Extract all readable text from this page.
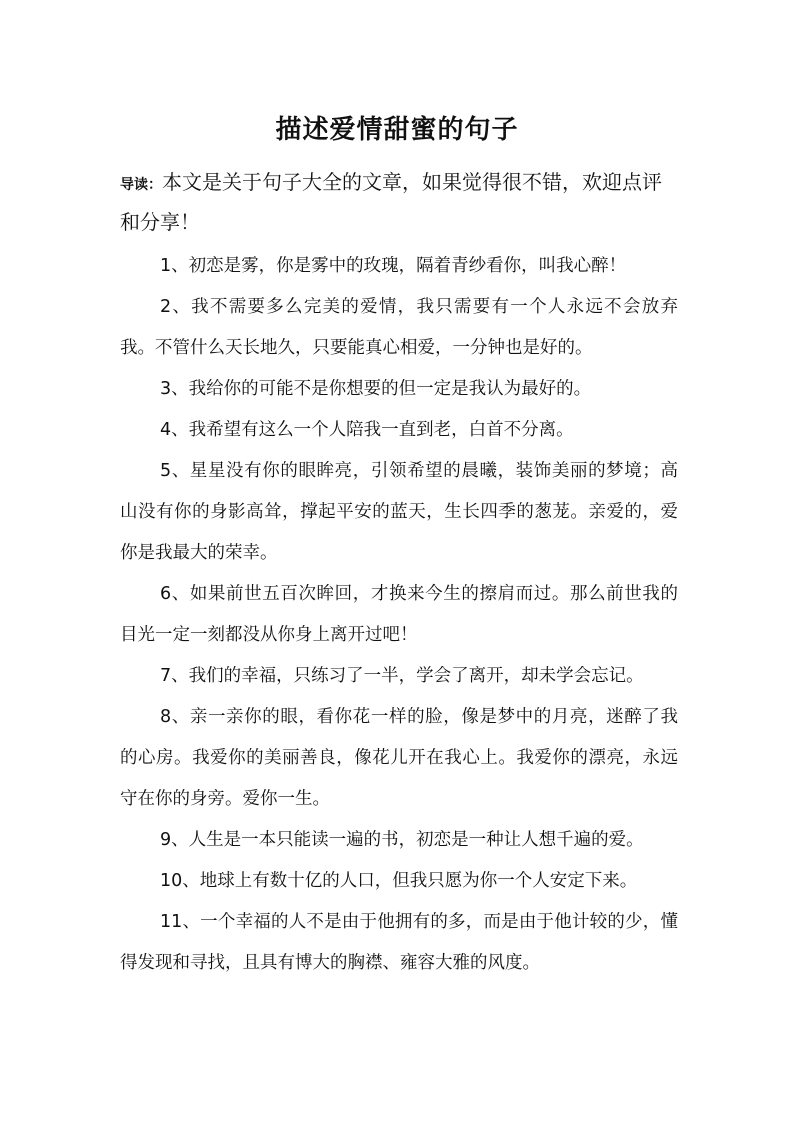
描述爱情甜蜜的句子

导读：本文是关于句子大全的文章，如果觉得很不错，欢迎点评和分享！

1、初恋是雾，你是雾中的玫瑰，隔着青纱看你，叫我心醉！

2、我不需要多么完美的爱情，我只需要有一个人永远不会放弃我。不管什么天长地久，只要能真心相爱，一分钟也是好的。

3、我给你的可能不是你想要的但一定是我认为最好的。

4、我希望有这么一个人陪我一直到老，白首不分离。

5、星星没有你的眼眸亮，引领希望的晨曦，装饰美丽的梦境；高山没有你的身影高耸，撑起平安的蓝天，生长四季的葱茏。亲爱的，爱你是我最大的荣幸。

6、如果前世五百次眸回，才换来今生的擦肩而过。那么前世我的目光一定一刻都没从你身上离开过吧！

7、我们的幸福，只练习了一半，学会了离开，却未学会忘记。

8、亲一亲你的眼，看你花一样的脸，像是梦中的月亮，迷醉了我的心房。我爱你的美丽善良，像花儿开在我心上。我爱你的漂亮，永远守在你的身旁。爱你一生。

9、人生是一本只能读一遍的书，初恋是一种让人想千遍的爱。

10、地球上有数十亿的人口，但我只愿为你一个人安定下来。

11、一个幸福的人不是由于他拥有的多，而是由于他计较的少，懂得发现和寻找，且具有博大的胸襟、雍容大雅的风度。
